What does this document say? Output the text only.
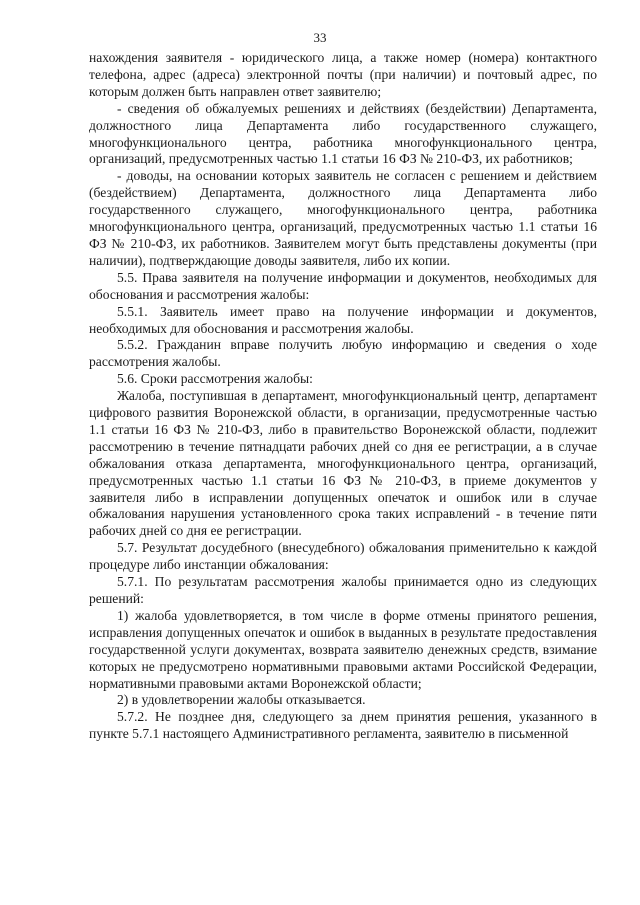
33

нахождения заявителя - юридического лица, а также номер (номера) контактного телефона, адрес (адреса) электронной почты (при наличии) и почтовый адрес, по которым должен быть направлен ответ заявителю;

- сведения об обжалуемых решениях и действиях (бездействии) Департамента, должностного лица Департамента либо государственного служащего, многофункционального центра, работника многофункционального центра, организаций, предусмотренных частью 1.1 статьи 16 ФЗ № 210-ФЗ, их работников;

- доводы, на основании которых заявитель не согласен с решением и действием (бездействием) Департамента, должностного лица Департамента либо государственного служащего, многофункционального центра, работника многофункционального центра, организаций, предусмотренных частью 1.1 статьи 16 ФЗ № 210-ФЗ, их работников. Заявителем могут быть представлены документы (при наличии), подтверждающие доводы заявителя, либо их копии.

5.5. Права заявителя на получение информации и документов, необходимых для обоснования и рассмотрения жалобы:

5.5.1. Заявитель имеет право на получение информации и документов, необходимых для обоснования и рассмотрения жалобы.

5.5.2. Гражданин вправе получить любую информацию и сведения о ходе рассмотрения жалобы.

5.6. Сроки рассмотрения жалобы:

Жалоба, поступившая в департамент, многофункциональный центр, департамент цифрового развития Воронежской области, в организации, предусмотренные частью 1.1 статьи 16 ФЗ № 210-ФЗ, либо в правительство Воронежской области, подлежит рассмотрению в течение пятнадцати рабочих дней со дня ее регистрации, а в случае обжалования отказа департамента, многофункционального центра, организаций, предусмотренных частью 1.1 статьи 16 ФЗ № 210-ФЗ, в приеме документов у заявителя либо в исправлении допущенных опечаток и ошибок или в случае обжалования нарушения установленного срока таких исправлений - в течение пяти рабочих дней со дня ее регистрации.

5.7. Результат досудебного (внесудебного) обжалования применительно к каждой процедуре либо инстанции обжалования:

5.7.1. По результатам рассмотрения жалобы принимается одно из следующих решений:

1) жалоба удовлетворяется, в том числе в форме отмены принятого решения, исправления допущенных опечаток и ошибок в выданных в результате предоставления государственной услуги документах, возврата заявителю денежных средств, взимание которых не предусмотрено нормативными правовыми актами Российской Федерации, нормативными правовыми актами Воронежской области;

2) в удовлетворении жалобы отказывается.

5.7.2. Не позднее дня, следующего за днем принятия решения, указанного в пункте 5.7.1 настоящего Административного регламента, заявителю в письменной
